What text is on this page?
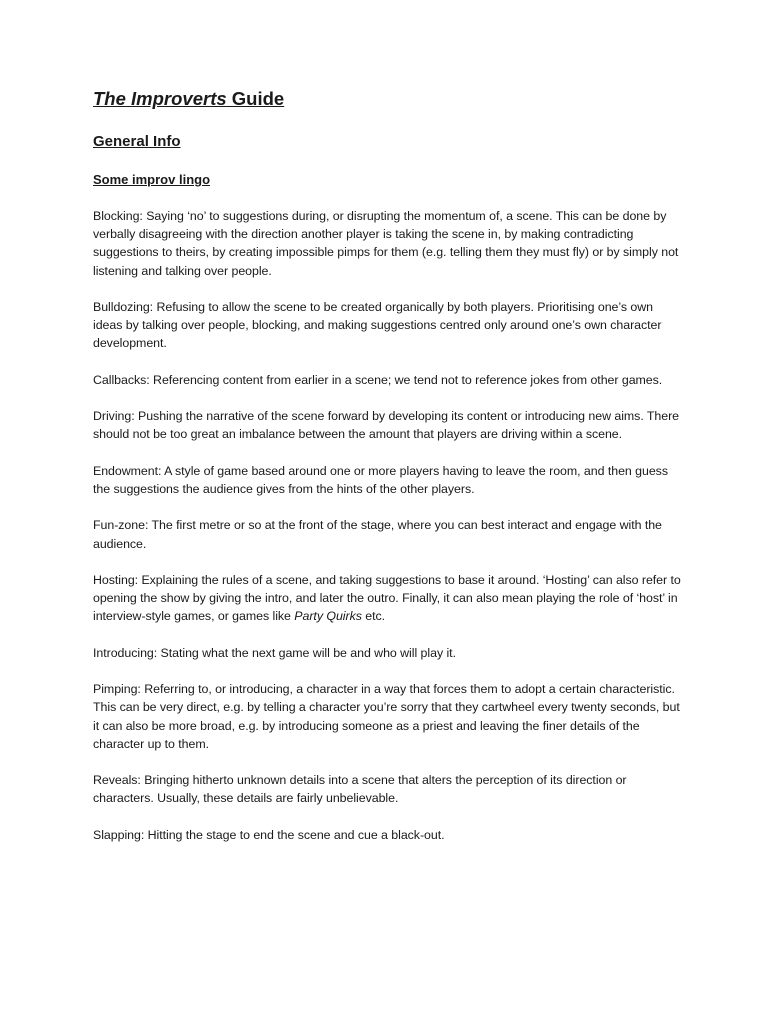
The Improverts Guide
General Info
Some improv lingo

Blocking: Saying ‘no’ to suggestions during, or disrupting the momentum of, a scene. This can be done by verbally disagreeing with the direction another player is taking the scene in, by making contradicting suggestions to theirs, by creating impossible pimps for them (e.g. telling them they must fly) or by simply not listening and talking over people.

Bulldozing: Refusing to allow the scene to be created organically by both players. Prioritising one’s own ideas by talking over people, blocking, and making suggestions centred only around one’s own character development.

Callbacks: Referencing content from earlier in a scene; we tend not to reference jokes from other games.

Driving: Pushing the narrative of the scene forward by developing its content or introducing new aims. There should not be too great an imbalance between the amount that players are driving within a scene.

Endowment: A style of game based around one or more players having to leave the room, and then guess the suggestions the audience gives from the hints of the other players.

Fun-zone: The first metre or so at the front of the stage, where you can best interact and engage with the audience.

Hosting: Explaining the rules of a scene, and taking suggestions to base it around. ‘Hosting’ can also refer to opening the show by giving the intro, and later the outro. Finally, it can also mean playing the role of ‘host’ in interview-style games, or games like Party Quirks etc.

Introducing: Stating what the next game will be and who will play it.

Pimping: Referring to, or introducing, a character in a way that forces them to adopt a certain characteristic. This can be very direct, e.g. by telling a character you’re sorry that they cartwheel every twenty seconds, but it can also be more broad, e.g. by introducing someone as a priest and leaving the finer details of the character up to them.

Reveals: Bringing hitherto unknown details into a scene that alters the perception of its direction or characters. Usually, these details are fairly unbelievable.

Slapping: Hitting the stage to end the scene and cue a black-out.
